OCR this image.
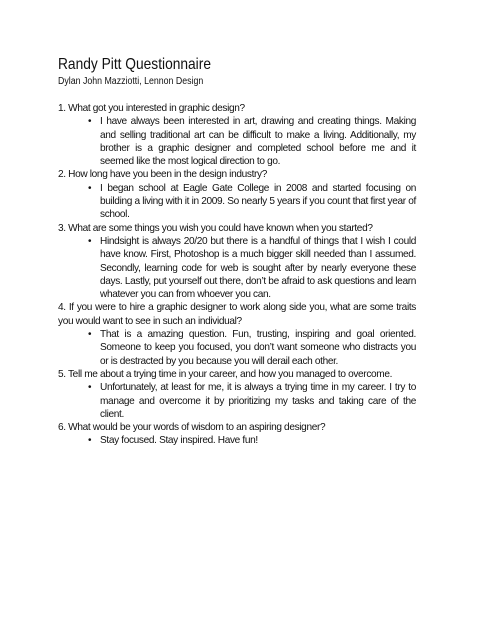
Randy Pitt Questionnaire

Dylan John Mazziotti, Lennon Design

1. What got you interested in graphic design?
• I have always been interested in art, drawing and creating things. Making and selling traditional art can be difficult to make a living. Additionally, my brother is a graphic designer and completed school before me and it seemed like the most logical direction to go.
2. How long have you been in the design industry?
• I began school at Eagle Gate College in 2008 and started focusing on building a living with it in 2009. So nearly 5 years if you count that first year of school.
3. What are some things you wish you could have known when you started?
• Hindsight is always 20/20 but there is a handful of things that I wish I could have know. First, Photoshop is a much bigger skill needed than I assumed. Secondly, learning code for web is sought after by nearly everyone these days. Lastly, put yourself out there, don’t be afraid to ask questions and learn whatever you can from whoever you can.
4. If you were to hire a graphic designer to work along side you, what are some traits you would want to see in such an individual?
• That is a amazing question. Fun, trusting, inspiring and goal oriented. Someone to keep you focused, you don’t want someone who distracts you or is destracted by you because you will derail each other.
5. Tell me about a trying time in your career, and how you managed to overcome.
• Unfortunately, at least for me, it is always a trying time in my career. I try to manage and overcome it by prioritizing my tasks and taking care of the client.
6. What would be your words of wisdom to an aspiring designer?
• Stay focused. Stay inspired. Have fun!
